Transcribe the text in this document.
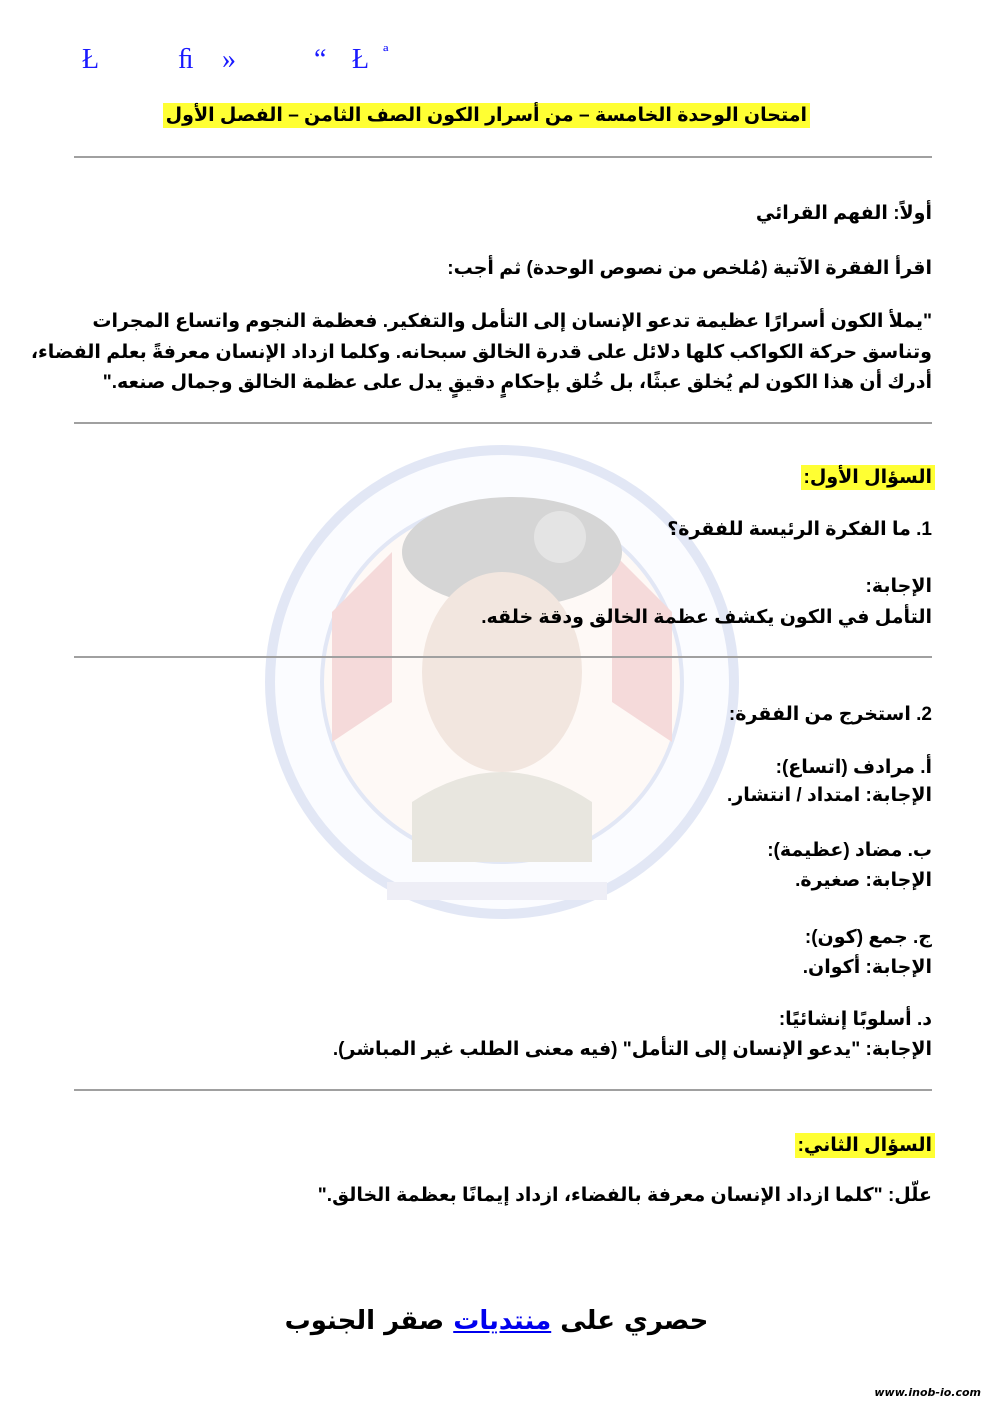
Ł	ﬁ »	“ Ł ª
امتحان الوحدة الخامسة – من أسرار الكون الصف الثامن – الفصل الأول
أولاً: الفهم القرائي
اقرأ الفقرة الآتية (مُلخص من نصوص الوحدة) ثم أجب:
"يملأ الكون أسرارًا عظيمة تدعو الإنسان إلى التأمل والتفكير. فعظمة النجوم واتساع المجرات
وتناسق حركة الكواكب كلها دلائل على قدرة الخالق سبحانه. وكلما ازداد الإنسان معرفةً بعلم الفضاء،
أدرك أن هذا الكون لم يُخلق عبثًا، بل خُلق بإحكامٍ دقيقٍ يدل على عظمة الخالق وجمال صنعه."
السؤال الأول:
1. ما الفكرة الرئيسة للفقرة؟
الإجابة:
التأمل في الكون يكشف عظمة الخالق ودقة خلقه.
2. استخرج من الفقرة:
أ. مرادف (اتساع):
الإجابة: امتداد / انتشار.
ب. مضاد (عظيمة):
الإجابة: صغيرة.
ج. جمع (كون):
الإجابة: أكوان.
د. أسلوبًا إنشائيًا:
الإجابة: "يدعو الإنسان إلى التأمل" (فيه معنى الطلب غير المباشر).
السؤال الثاني:
علّل: "كلما ازداد الإنسان معرفة بالفضاء، ازداد إيمانًا بعظمة الخالق."
حصري على منتديات صقر الجنوب
www.inob-io.com
